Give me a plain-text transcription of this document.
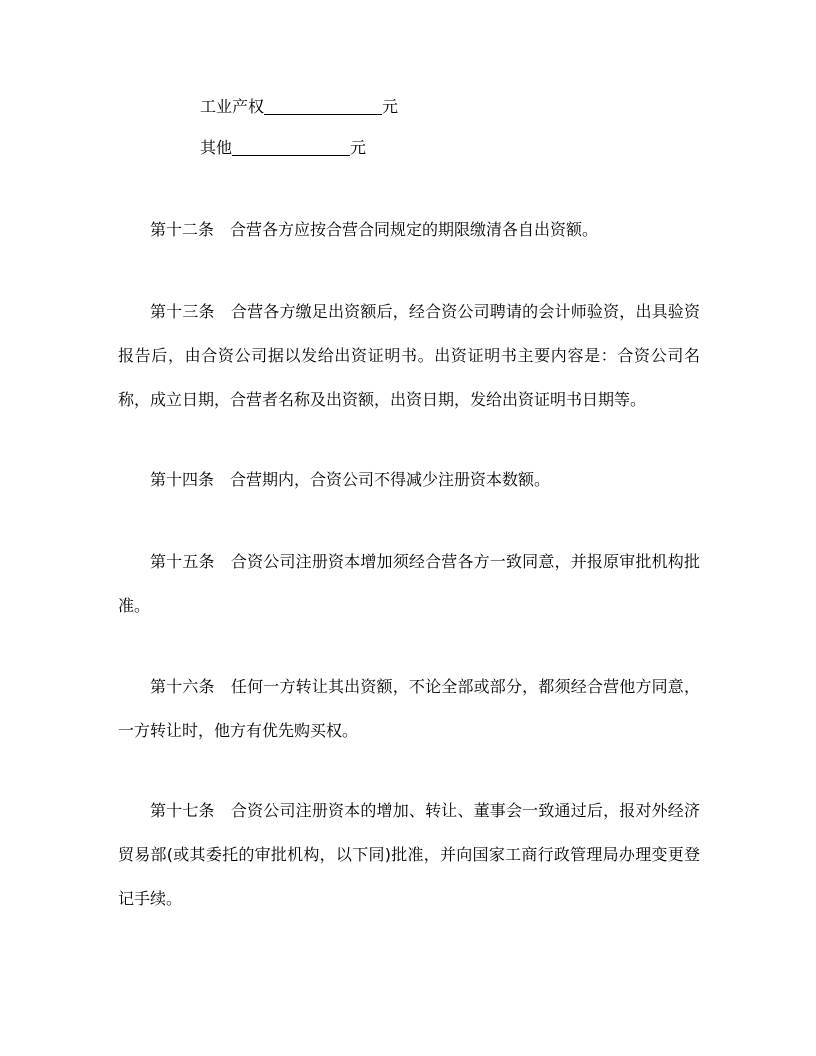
工业产权	元
其他	元
第十二条 合营各方应按合营合同规定的期限缴清各自出资额。
第十三条 合营各方缴足出资额后，经合资公司聘请的会计师验资，出具验资报告后，由合资公司据以发给出资证明书。出资证明书主要内容是：合资公司名称，成立日期，合营者名称及出资额，出资日期，发给出资证明书日期等。
第十四条 合营期内，合资公司不得减少注册资本数额。
第十五条 合资公司注册资本增加须经合营各方一致同意，并报原审批机构批准。
第十六条 任何一方转让其出资额，不论全部或部分，都须经合营他方同意，一方转让时，他方有优先购买权。
第十七条 合资公司注册资本的增加、转让、董事会一致通过后，报对外经济贸易部(或其委托的审批机构，以下同)批准，并向国家工商行政管理局办理变更登记手续。
